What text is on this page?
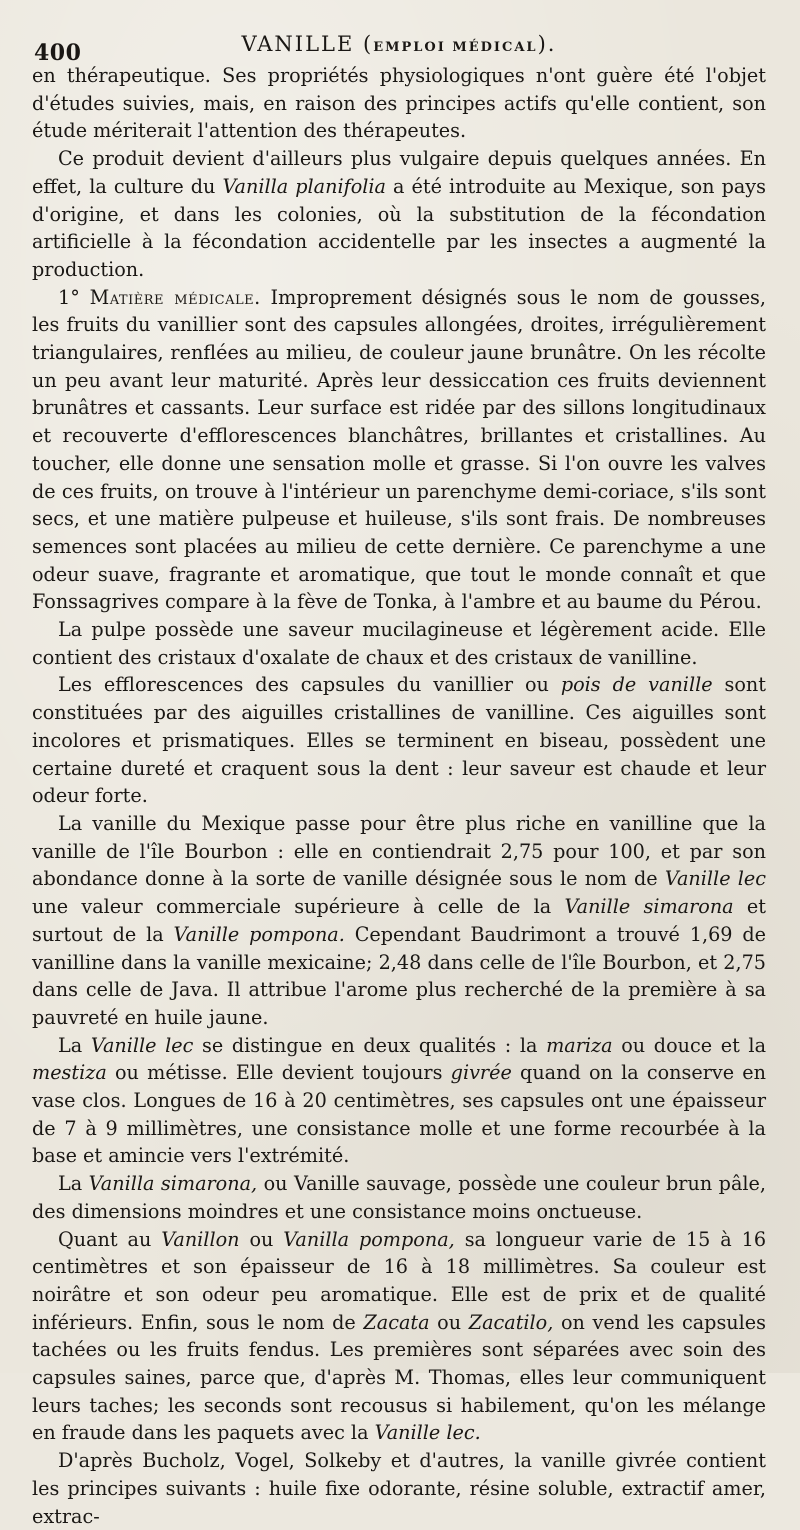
400	VANILLE (EMPLOI MÉDICAL).

en thérapeutique. Ses propriétés physiologiques n'ont guère été l'objet d'études suivies, mais, en raison des principes actifs qu'elle contient, son étude mériterait l'attention des thérapeutes.

Ce produit devient d'ailleurs plus vulgaire depuis quelques années. En effet, la culture du Vanilla planifolia a été introduite au Mexique, son pays d'origine, et dans les colonies, où la substitution de la fécondation artificielle à la fécondation accidentelle par les insectes a augmenté la production.

1° Matière médicale. Improprement désignés sous le nom de gousses, les fruits du vanillier sont des capsules allongées, droites, irrégulièrement triangulaires, renflées au milieu, de couleur jaune brunâtre. On les récolte un peu avant leur maturité. Après leur dessiccation ces fruits deviennent brunâtres et cassants. Leur surface est ridée par des sillons longitudinaux et recouverte d'efflorescences blanchâtres, brillantes et cristallines. Au toucher, elle donne une sensation molle et grasse. Si l'on ouvre les valves de ces fruits, on trouve à l'intérieur un parenchyme demi-coriace, s'ils sont secs, et une matière pulpeuse et huileuse, s'ils sont frais. De nombreuses semences sont placées au milieu de cette dernière. Ce parenchyme a une odeur suave, fragrante et aromatique, que tout le monde connaît et que Fonssagrives compare à la fève de Tonka, à l'ambre et au baume du Pérou.

La pulpe possède une saveur mucilagineuse et légèrement acide. Elle contient des cristaux d'oxalate de chaux et des cristaux de vanilline.

Les efflorescences des capsules du vanillier ou pois de vanille sont constituées par des aiguilles cristallines de vanilline. Ces aiguilles sont incolores et prismatiques. Elles se terminent en biseau, possèdent une certaine dureté et craquent sous la dent : leur saveur est chaude et leur odeur forte.

La vanille du Mexique passe pour être plus riche en vanilline que la vanille de l'île Bourbon : elle en contiendrait 2,75 pour 100, et par son abondance donne à la sorte de vanille désignée sous le nom de Vanille lec une valeur commerciale supérieure à celle de la Vanille simarona et surtout de la Vanille pompona. Cependant Baudrimont a trouvé 1,69 de vanilline dans la vanille mexicaine; 2,48 dans celle de l'île Bourbon, et 2,75 dans celle de Java. Il attribue l'arome plus recherché de la première à sa pauvreté en huile jaune.

La Vanille lec se distingue en deux qualités : la mariza ou douce et la mestiza ou métisse. Elle devient toujours givrée quand on la conserve en vase clos. Longues de 16 à 20 centimètres, ses capsules ont une épaisseur de 7 à 9 millimètres, une consistance molle et une forme recourbée à la base et amincie vers l'extrémité.

La Vanilla simarona, ou Vanille sauvage, possède une couleur brun pâle, des dimensions moindres et une consistance moins onctueuse.

Quant au Vanillon ou Vanilla pompona, sa longueur varie de 15 à 16 centimètres et son épaisseur de 16 à 18 millimètres. Sa couleur est noirâtre et son odeur peu aromatique. Elle est de prix et de qualité inférieurs. Enfin, sous le nom de Zacata ou Zacatilo, on vend les capsules tachées ou les fruits fendus. Les premières sont séparées avec soin des capsules saines, parce que, d'après M. Thomas, elles leur communiquent leurs taches; les seconds sont recousus si habilement, qu'on les mélange en fraude dans les paquets avec la Vanille lec.

D'après Bucholz, Vogel, Solkeby et d'autres, la vanille givrée contient les principes suivants : huile fixe odorante, résine soluble, extractif amer, extrac-
